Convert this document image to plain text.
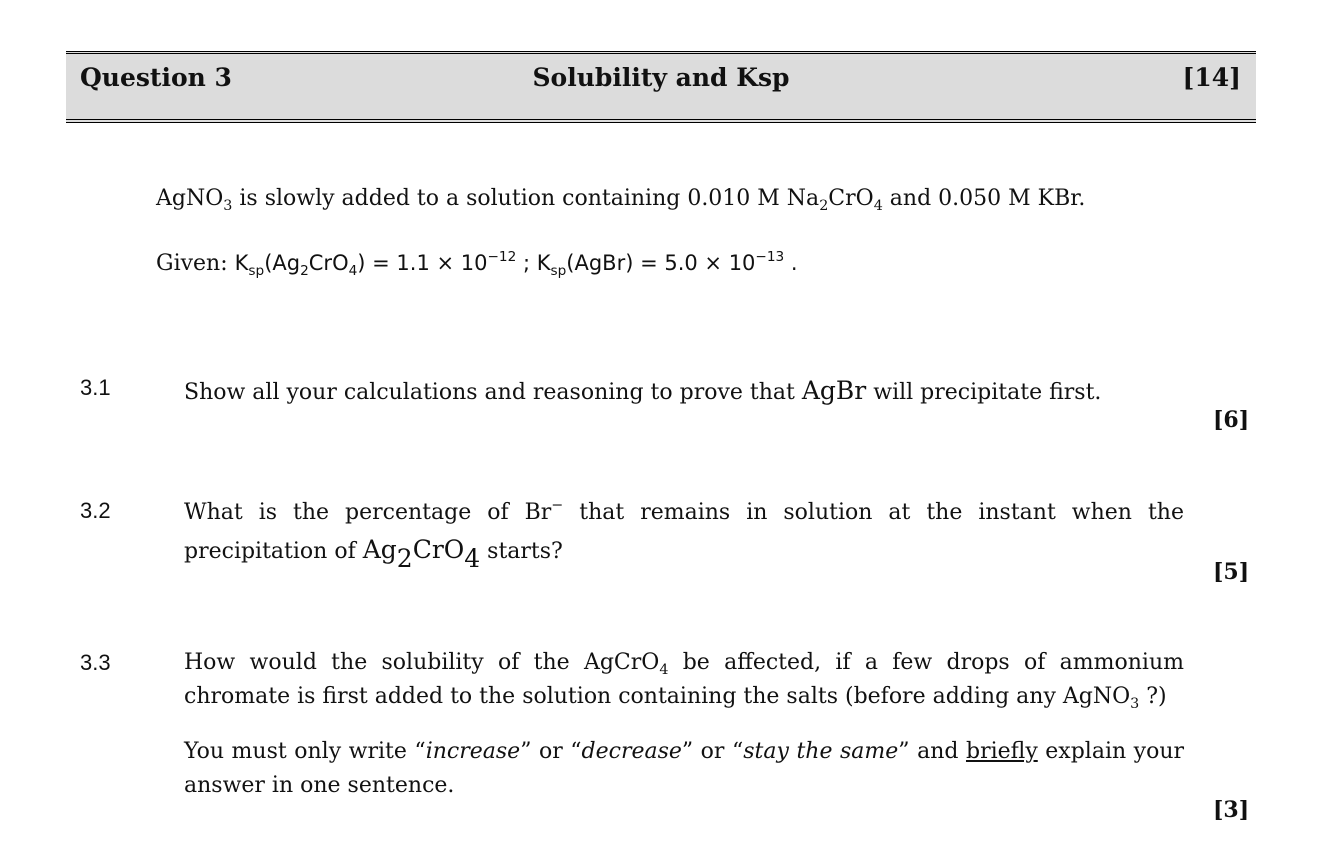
Question 3	Solubility and Ksp	[14]
AgNO$_3$ is slowly added to a solution containing 0.010 M $Na_2CrO_4$ and 0.050 M KBr.
Given: $K_{sp}(Ag_2CrO_4) = 1.1 \times 10^{-12}$ ; $K_{sp}(AgBr) = 5.0 \times 10^{-13}$ .
3.1	Show all your calculations and reasoning to prove that AgBr will precipitate first.
[6]
3.2	What is the percentage of Br− that remains in solution at the instant when the precipitation of $Ag_2CrO_4$ starts?
[5]
3.3	How would the solubility of the AgCrO$_4$ be affected, if a few drops of ammonium chromate is first added to the solution containing the salts (before adding any AgNO$_3$ ?)
You must only write “increase” or “decrease” or “stay the same” and briefly explain your answer in one sentence.
[3]
